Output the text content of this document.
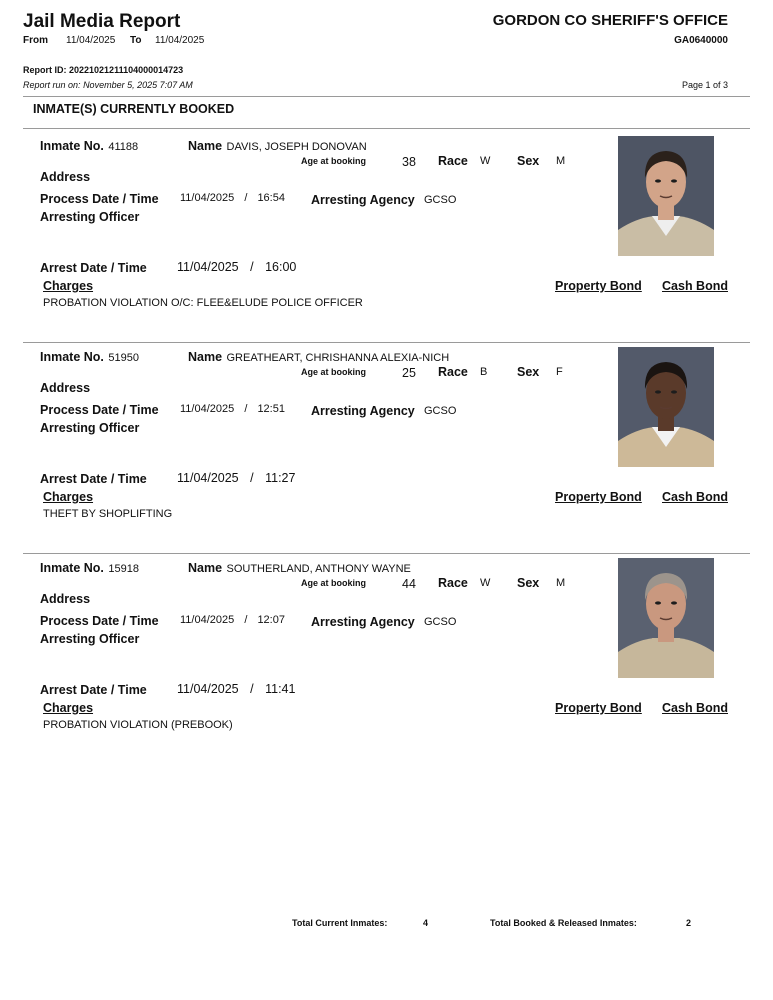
Jail Media Report	GORDON CO SHERIFF'S OFFICE
From 11/04/2025 To 11/04/2025	GA0640000
Report ID: 20221021211104000014723
Report run on: November 5, 2025 7:07 AM	Page 1 of 3
INMATE(S) CURRENTLY BOOKED
Inmate No. 41188	Name DAVIS, JOSEPH DONOVAN
Age at booking	38 Race W Sex M
Address
Process Date / Time 11/04/2025 / 16:54 Arresting Agency GCSO
Arresting Officer
Arrest Date / Time 11/04/2025 / 16:00
Charges	Property Bond Cash Bond
PROBATION VIOLATION O/C: FLEE&ELUDE POLICE OFFICER
Inmate No. 51950	Name GREATHEART, CHRISHANNA ALEXIA-NICH
Age at booking	25 Race B Sex F
Address
Process Date / Time 11/04/2025 / 12:51 Arresting Agency GCSO
Arresting Officer
Arrest Date / Time 11/04/2025 / 11:27
Charges	Property Bond Cash Bond
THEFT BY SHOPLIFTING
Inmate No. 15918	Name SOUTHERLAND, ANTHONY WAYNE
Age at booking	44 Race W Sex M
Address
Process Date / Time 11/04/2025 / 12:07 Arresting Agency GCSO
Arresting Officer
Arrest Date / Time 11/04/2025 / 11:41
Charges	Property Bond Cash Bond
PROBATION VIOLATION (PREBOOK)
Total Current Inmates:	4	Total Booked & Released Inmates:	2
